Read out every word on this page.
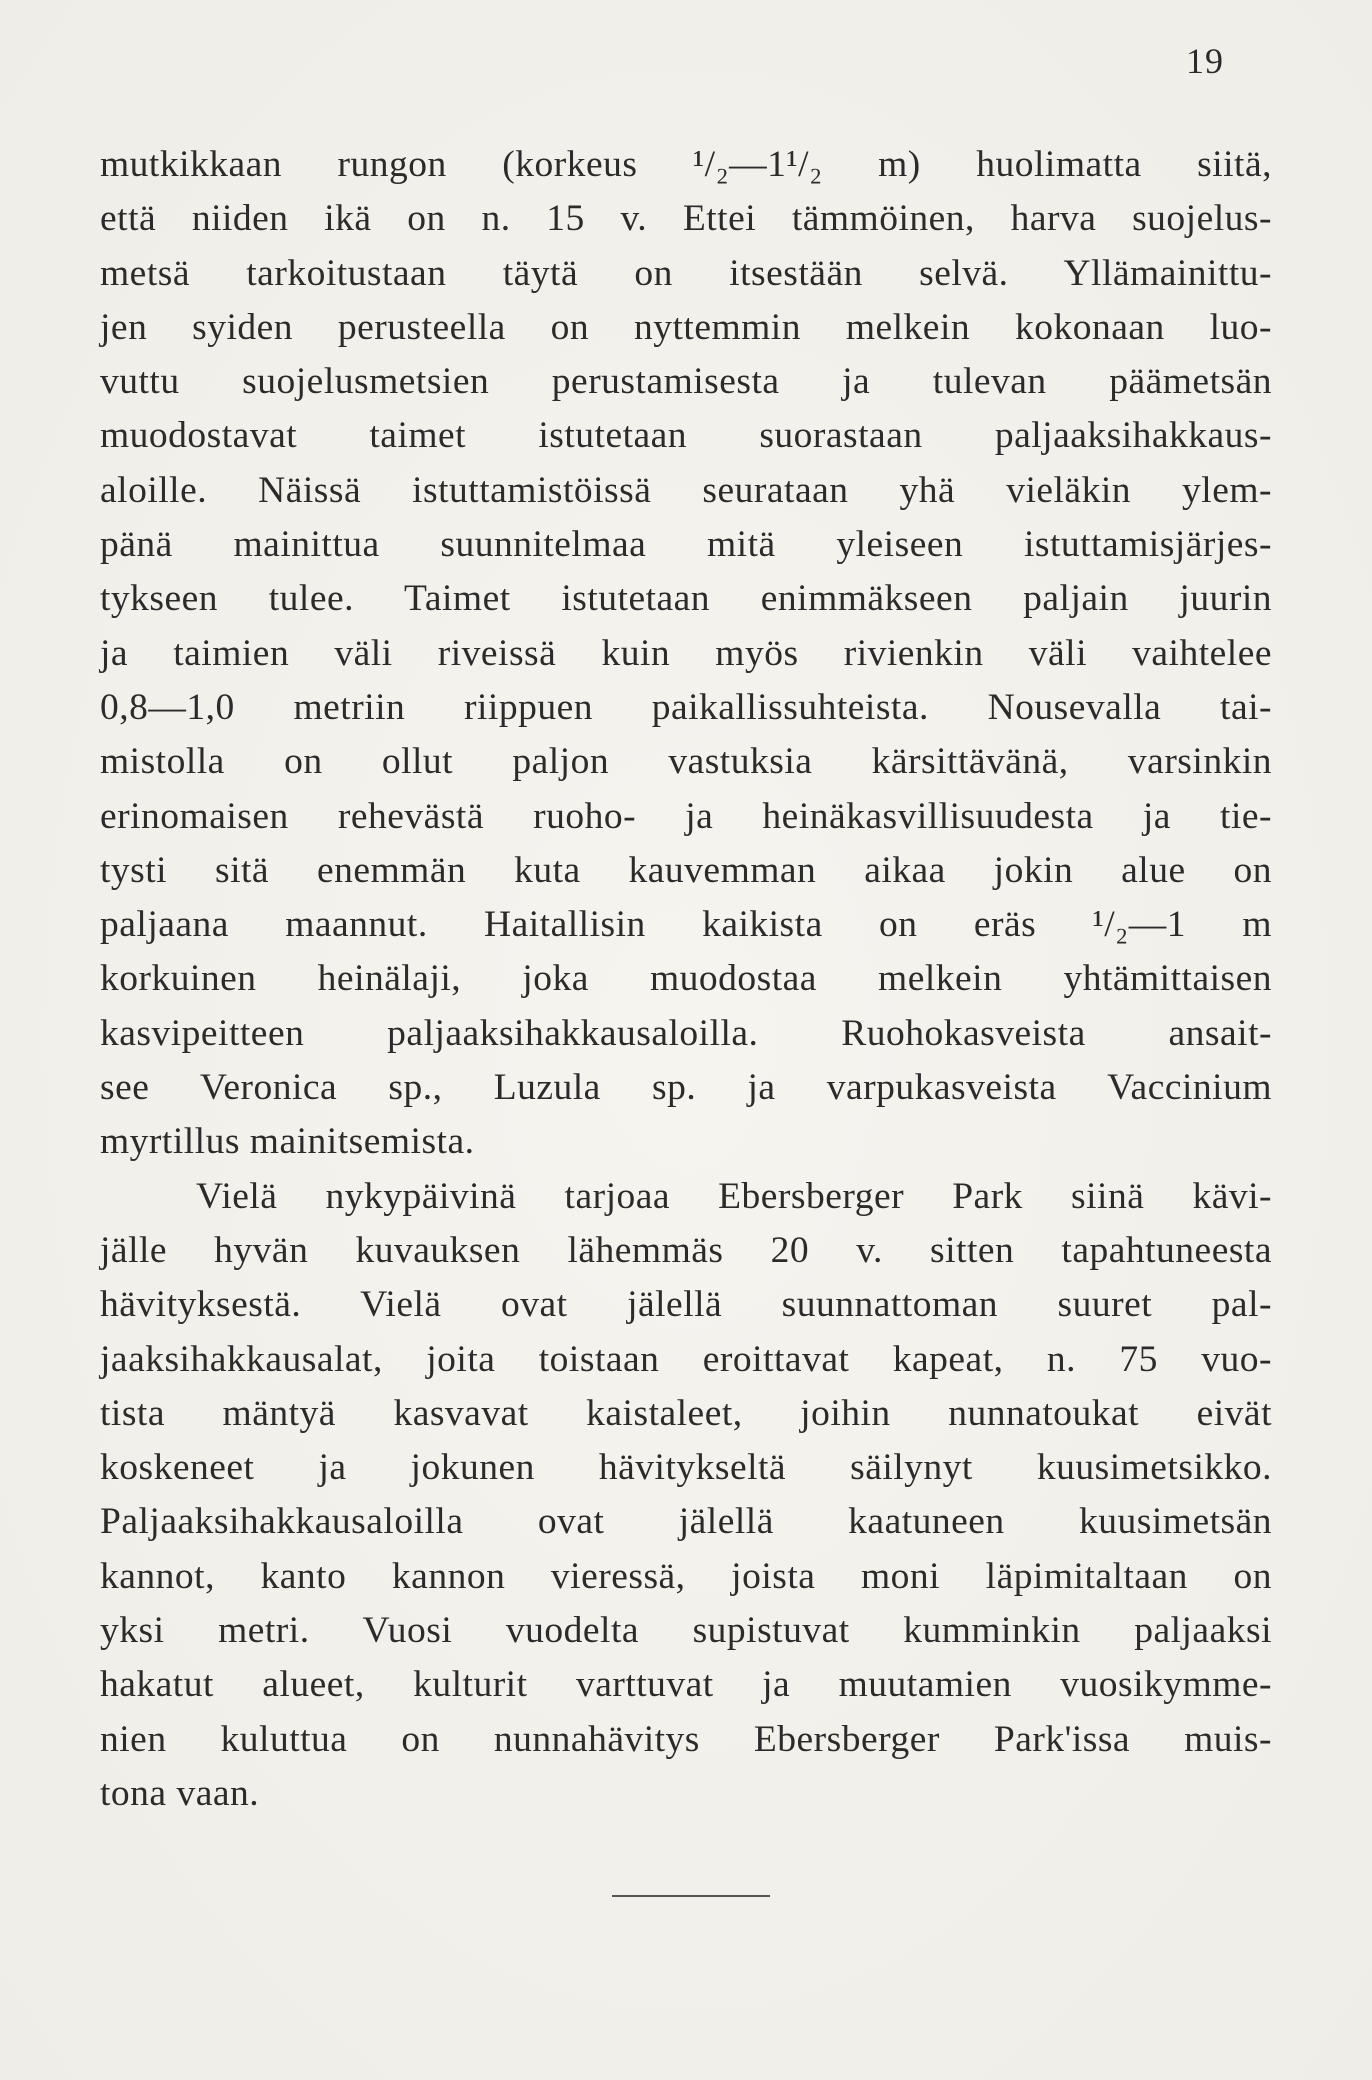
19
mutkikkaan rungon (korkeus ¹/₂—1¹/₂ m) huolimatta siitä,
että niiden ikä on n. 15 v. Ettei tämmöinen, harva suojelus-
metsä tarkoitustaan täytä on itsestään selvä. Yllämainittu-
jen syiden perusteella on nyttemmin melkein kokonaan luo-
vuttu suojelusmetsien perustamisesta ja tulevan päämetsän
muodostavat taimet istutetaan suorastaan paljaaksihakkaus-
aloille. Näissä istuttamistöissä seurataan yhä vieläkin ylem-
pänä mainittua suunnitelmaa mitä yleiseen istuttamisjärjes-
tykseen tulee. Taimet istutetaan enimmäkseen paljain juurin
ja taimien väli riveissä kuin myös rivienkin väli vaihtelee
0,8—1,0 metriin riippuen paikallissuhteista. Nousevalla tai-
mistolla on ollut paljon vastuksia kärsittävänä, varsinkin
erinomaisen rehevästä ruoho- ja heinäkasvillisuudesta ja tie-
tysti sitä enemmän kuta kauvemman aikaa jokin alue on
paljaana maannut. Haitallisin kaikista on eräs ¹/₂—1 m
korkuinen heinälaji, joka muodostaa melkein yhtämittaisen
kasvipeitteen paljaaksihakkausaloilla. Ruohokasveista ansait-
see Veronica sp., Luzula sp. ja varpukasveista Vaccinium
myrtillus mainitsemista.
Vielä nykypäivinä tarjoaa Ebersberger Park siinä kävi-
jälle hyvän kuvauksen lähemmäs 20 v. sitten tapahtuneesta
hävityksestä. Vielä ovat jälellä suunnattoman suuret pal-
jaaksihakkausalat, joita toistaan eroittavat kapeat, n. 75 vuo-
tista mäntyä kasvavat kaistaleet, joihin nunnatoukat eivät
koskeneet ja jokunen hävitykseltä säilynyt kuusimetsikko.
Paljaaksihakkausaloilla ovat jälellä kaatuneen kuusimetsän
kannot, kanto kannon vieressä, joista moni läpimitaltaan on
yksi metri. Vuosi vuodelta supistuvat kumminkin paljaaksi
hakatut alueet, kulturit varttuvat ja muutamien vuosikymme-
nien kuluttua on nunnahävitys Ebersberger Park'issa muis-
tona vaan.
